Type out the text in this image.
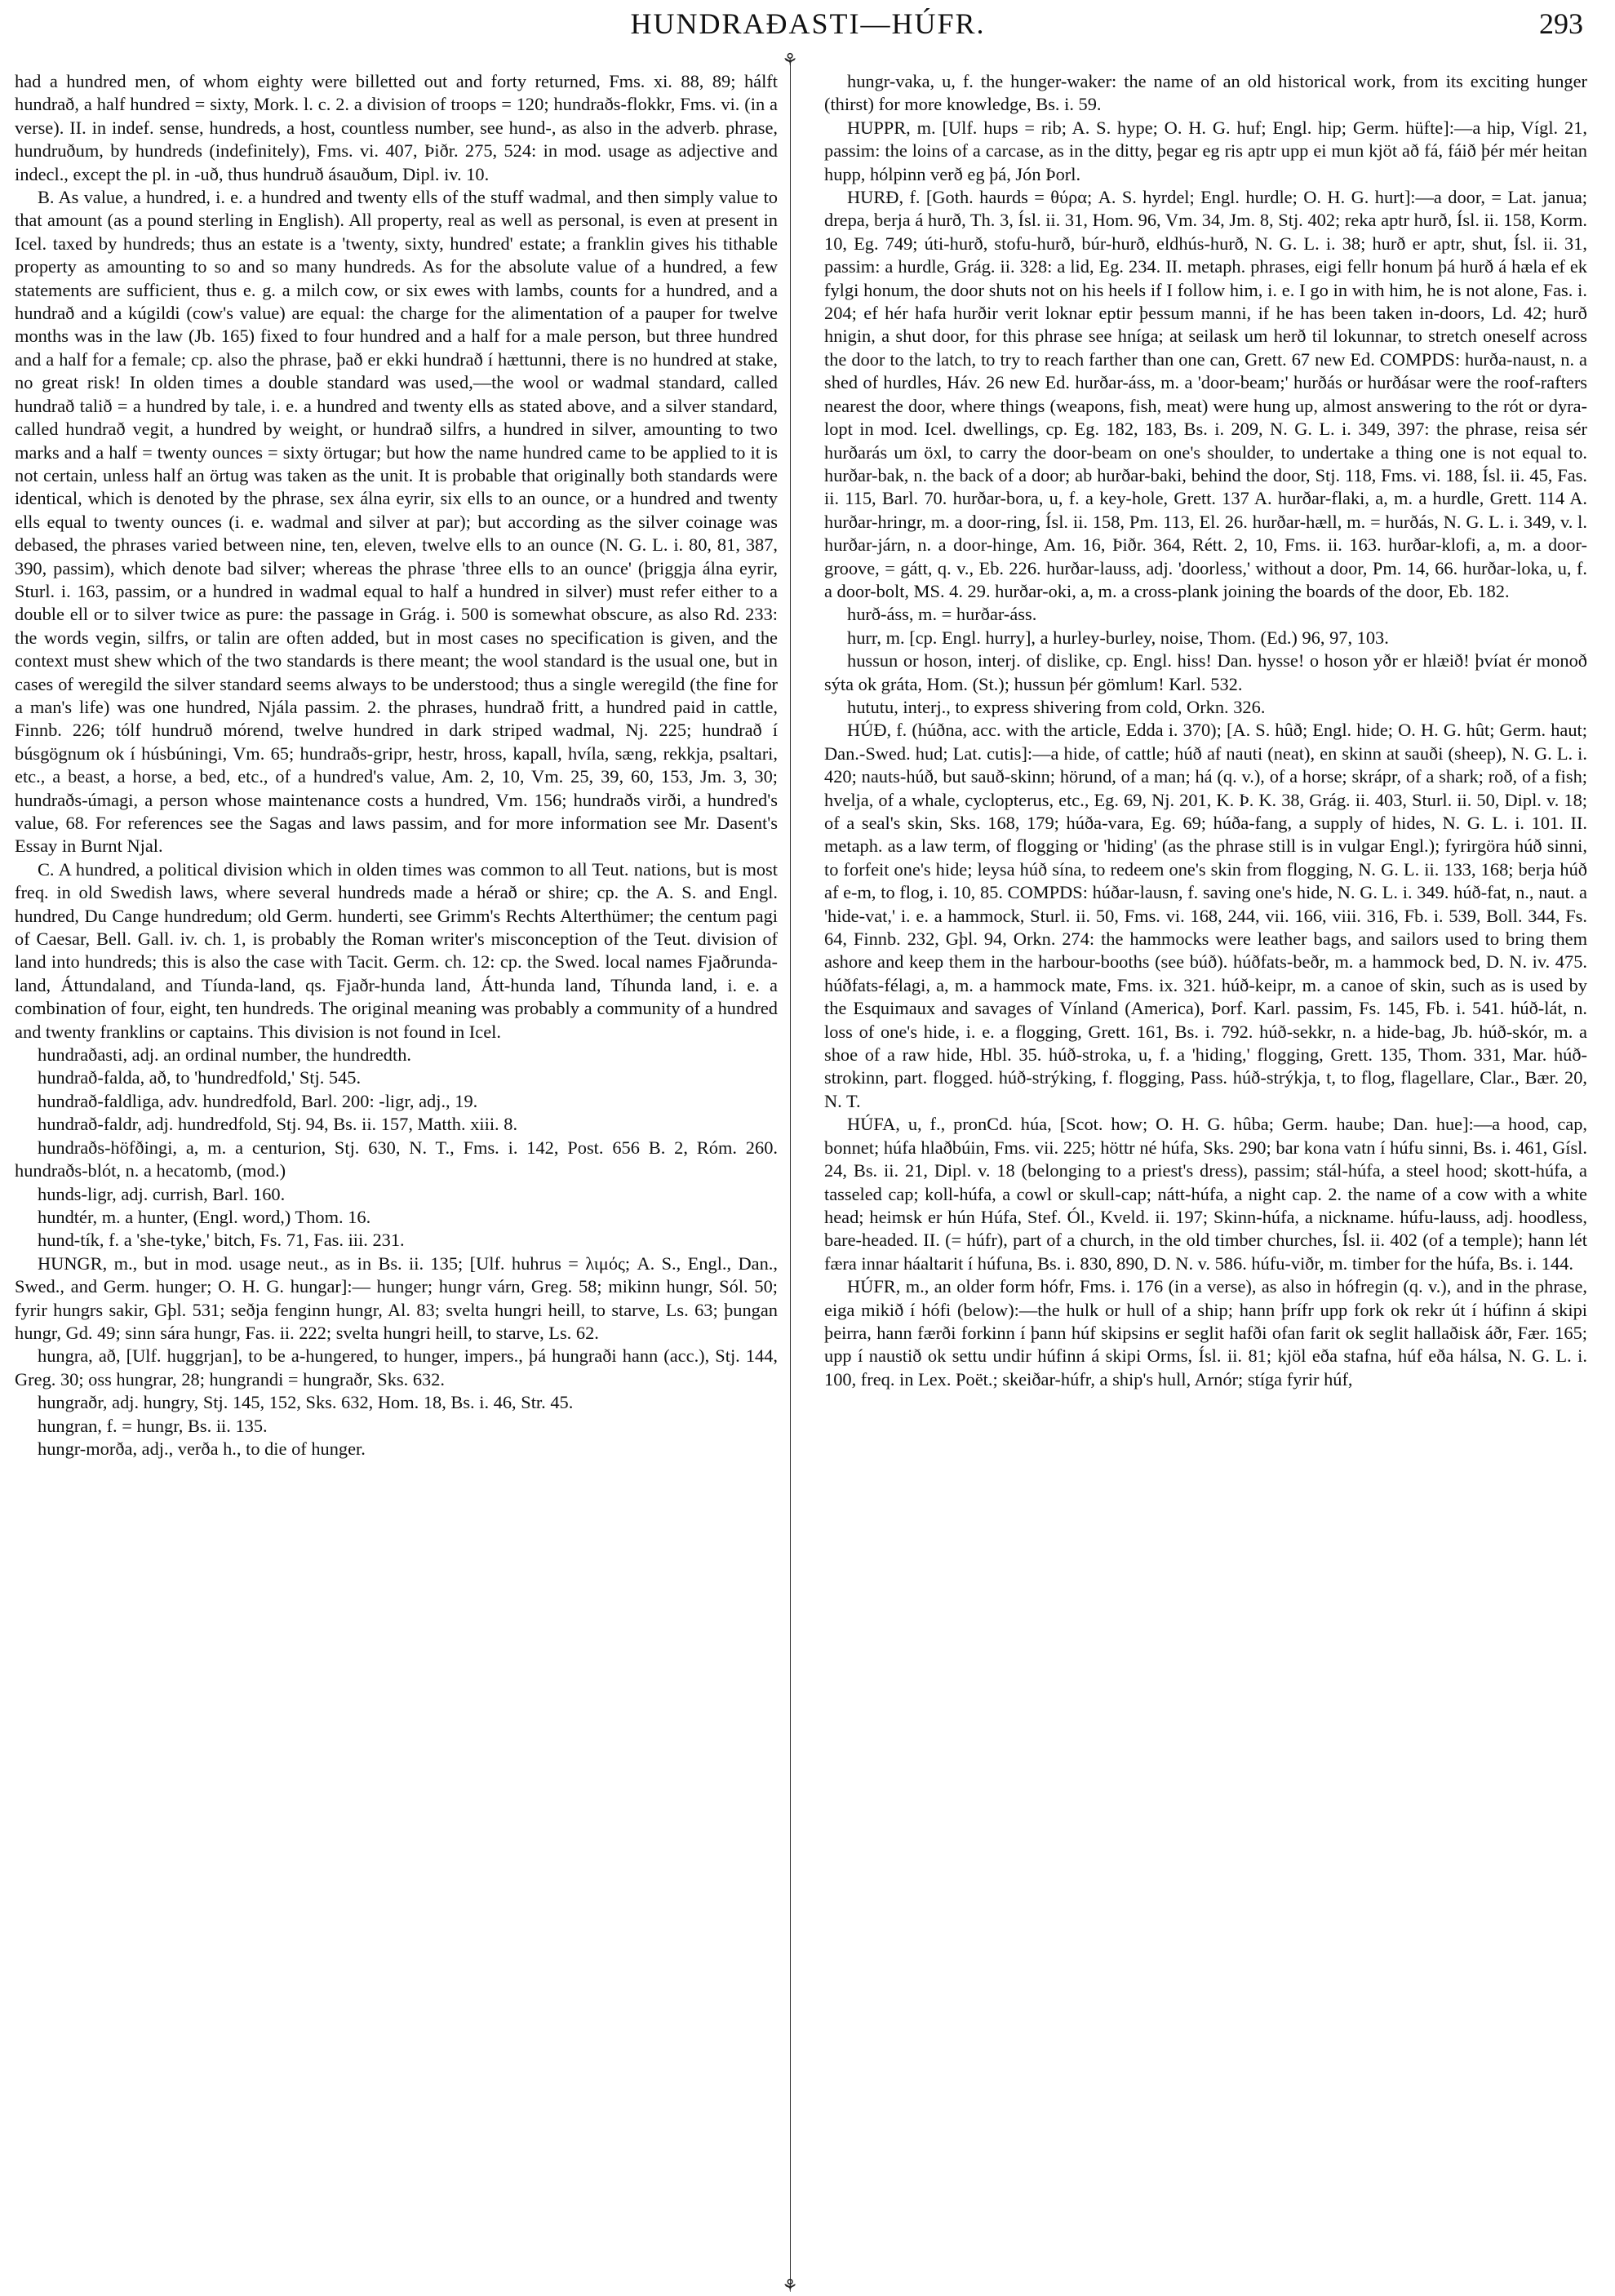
HUNDRAÐASTI—HÚFR.	293
⚘
⚘

had a hundred men, of whom eighty were billetted out and forty returned, Fms. xi. 88, 89; hálft hundrað, a half hundred = sixty, Mork. l. c. 2. a division of troops = 120; hundraðs-flokkr, Fms. vi. (in a verse). II. in indef. sense, hundreds, a host, countless number, see hund-, as also in the adverb. phrase, hundruðum, by hundreds (indefinitely), Fms. vi. 407, Þiðr. 275, 524: in mod. usage as adjective and indecl., except the pl. in -uð, thus hundruð ásauðum, Dipl. iv. 10.

B. As value, a hundred, i. e. a hundred and twenty ells of the stuff wadmal, and then simply value to that amount (as a pound sterling in English). All property, real as well as personal, is even at present in Icel. taxed by hundreds; thus an estate is a 'twenty, sixty, hundred' estate; a franklin gives his tithable property as amounting to so and so many hundreds. As for the absolute value of a hundred, a few statements are sufficient, thus e. g. a milch cow, or six ewes with lambs, counts for a hundred, and a hundrað and a kúgildi (cow's value) are equal: the charge for the alimentation of a pauper for twelve months was in the law (Jb. 165) fixed to four hundred and a half for a male person, but three hundred and a half for a female; cp. also the phrase, það er ekki hundrað í hættunni, there is no hundred at stake, no great risk! In olden times a double standard was used,—the wool or wadmal standard, called hundrað talið = a hundred by tale, i. e. a hundred and twenty ells as stated above, and a silver standard, called hundrað vegit, a hundred by weight, or hundrað silfrs, a hundred in silver, amounting to two marks and a half = twenty ounces = sixty örtugar; but how the name hundred came to be applied to it is not certain, unless half an örtug was taken as the unit. It is probable that originally both standards were identical, which is denoted by the phrase, sex álna eyrir, six ells to an ounce, or a hundred and twenty ells equal to twenty ounces (i. e. wadmal and silver at par); but according as the silver coinage was debased, the phrases varied between nine, ten, eleven, twelve ells to an ounce (N. G. L. i. 80, 81, 387, 390, passim), which denote bad silver; whereas the phrase 'three ells to an ounce' (þriggja álna eyrir, Sturl. i. 163, passim, or a hundred in wadmal equal to half a hundred in silver) must refer either to a double ell or to silver twice as pure: the passage in Grág. i. 500 is somewhat obscure, as also Rd. 233: the words vegin, silfrs, or talin are often added, but in most cases no specification is given, and the context must shew which of the two standards is there meant; the wool standard is the usual one, but in cases of weregild the silver standard seems always to be understood; thus a single weregild (the fine for a man's life) was one hundred, Njála passim. 2. the phrases, hundrað fritt, a hundred paid in cattle, Finnb. 226; tólf hundruð mórend, twelve hundred in dark striped wadmal, Nj. 225; hundrað í búsgögnum ok í húsbúningi, Vm. 65; hundraðs-gripr, hestr, hross, kapall, hvíla, sæng, rekkja, psaltari, etc., a beast, a horse, a bed, etc., of a hundred's value, Am. 2, 10, Vm. 25, 39, 60, 153, Jm. 3, 30; hundraðs-úmagi, a person whose maintenance costs a hundred, Vm. 156; hundraðs virði, a hundred's value, 68. For references see the Sagas and laws passim, and for more information see Mr. Dasent's Essay in Burnt Njal.

C. A hundred, a political division which in olden times was common to all Teut. nations, but is most freq. in old Swedish laws, where several hundreds made a hérað or shire; cp. the A. S. and Engl. hundred, Du Cange hundredum; old Germ. hunderti, see Grimm's Rechts Alterthümer; the centum pagi of Caesar, Bell. Gall. iv. ch. 1, is probably the Roman writer's misconception of the Teut. division of land into hundreds; this is also the case with Tacit. Germ. ch. 12: cp. the Swed. local names Fjaðrunda-land, Áttundaland, and Tíunda-land, qs. Fjaðr-hunda land, Átt-hunda land, Tíhunda land, i. e. a combination of four, eight, ten hundreds. The original meaning was probably a community of a hundred and twenty franklins or captains. This division is not found in Icel.

hundraðasti, adj. an ordinal number, the hundredth.

hundrað-falda, að, to 'hundredfold,' Stj. 545.

hundrað-faldliga, adv. hundredfold, Barl. 200: -ligr, adj., 19.

hundrað-faldr, adj. hundredfold, Stj. 94, Bs. ii. 157, Matth. xiii. 8.

hundraðs-höfðingi, a, m. a centurion, Stj. 630, N. T., Fms. i. 142, Post. 656 B. 2, Róm. 260. hundraðs-blót, n. a hecatomb, (mod.)

hunds-ligr, adj. currish, Barl. 160.

hundtér, m. a hunter, (Engl. word,) Thom. 16.

hund-tík, f. a 'she-tyke,' bitch, Fs. 71, Fas. iii. 231.

HUNGR, m., but in mod. usage neut., as in Bs. ii. 135; [Ulf. huhrus = λιμός; A. S., Engl., Dan., Swed., and Germ. hunger; O. H. G. hungar]:— hunger; hungr várn, Greg. 58; mikinn hungr, Sól. 50; fyrir hungrs sakir, Gþl. 531; seðja fenginn hungr, Al. 83; svelta hungri heill, to starve, Ls. 63; þungan hungr, Gd. 49; sinn sára hungr, Fas. ii. 222; svelta hungri heill, to starve, Ls. 62.

hungra, að, [Ulf. huggrjan], to be a-hungered, to hunger, impers., þá hungraði hann (acc.), Stj. 144, Greg. 30; oss hungrar, 28; hungrandi = hungraðr, Sks. 632.

hungraðr, adj. hungry, Stj. 145, 152, Sks. 632, Hom. 18, Bs. i. 46, Str. 45.

hungran, f. = hungr, Bs. ii. 135.

hungr-morða, adj., verða h., to die of hunger.

hungr-vaka, u, f. the hunger-waker: the name of an old historical work, from its exciting hunger (thirst) for more knowledge, Bs. i. 59.

HUPPR, m. [Ulf. hups = rib; A. S. hype; O. H. G. huf; Engl. hip; Germ. hüfte]:—a hip, Vígl. 21, passim: the loins of a carcase, as in the ditty, þegar eg ris aptr upp ei mun kjöt að fá, fáið þér mér heitan hupp, hólpinn verð eg þá, Jón Þorl.

HURÐ, f. [Goth. haurds = θύρα; A. S. hyrdel; Engl. hurdle; O. H. G. hurt]:—a door, = Lat. janua; drepa, berja á hurð, Th. 3, Ísl. ii. 31, Hom. 96, Vm. 34, Jm. 8, Stj. 402; reka aptr hurð, Ísl. ii. 158, Korm. 10, Eg. 749; úti-hurð, stofu-hurð, búr-hurð, eldhús-hurð, N. G. L. i. 38; hurð er aptr, shut, Ísl. ii. 31, passim: a hurdle, Grág. ii. 328: a lid, Eg. 234. II. metaph. phrases, eigi fellr honum þá hurð á hæla ef ek fylgi honum, the door shuts not on his heels if I follow him, i. e. I go in with him, he is not alone, Fas. i. 204; ef hér hafa hurðir verit loknar eptir þessum manni, if he has been taken in-doors, Ld. 42; hurð hnigin, a shut door, for this phrase see hníga; at seilask um herð til lokunnar, to stretch oneself across the door to the latch, to try to reach farther than one can, Grett. 67 new Ed. COMPDS: hurða-naust, n. a shed of hurdles, Háv. 26 new Ed. hurðar-áss, m. a 'door-beam;' hurðás or hurðásar were the roof-rafters nearest the door, where things (weapons, fish, meat) were hung up, almost answering to the rót or dyra-lopt in mod. Icel. dwellings, cp. Eg. 182, 183, Bs. i. 209, N. G. L. i. 349, 397: the phrase, reisa sér hurðarás um öxl, to carry the door-beam on one's shoulder, to undertake a thing one is not equal to. hurðar-bak, n. the back of a door; ab hurðar-baki, behind the door, Stj. 118, Fms. vi. 188, Ísl. ii. 45, Fas. ii. 115, Barl. 70. hurðar-bora, u, f. a key-hole, Grett. 137 A. hurðar-flaki, a, m. a hurdle, Grett. 114 A. hurðar-hringr, m. a door-ring, Ísl. ii. 158, Pm. 113, El. 26. hurðar-hæll, m. = hurðás, N. G. L. i. 349, v. l. hurðar-járn, n. a door-hinge, Am. 16, Þiðr. 364, Rétt. 2, 10, Fms. ii. 163. hurðar-klofi, a, m. a door-groove, = gátt, q. v., Eb. 226. hurðar-lauss, adj. 'doorless,' without a door, Pm. 14, 66. hurðar-loka, u, f. a door-bolt, MS. 4. 29. hurðar-oki, a, m. a cross-plank joining the boards of the door, Eb. 182.

hurð-áss, m. = hurðar-áss.

hurr, m. [cp. Engl. hurry], a hurley-burley, noise, Thom. (Ed.) 96, 97, 103.

hussun or hoson, interj. of dislike, cp. Engl. hiss! Dan. hysse! o hoson yðr er hlæið! þvíat ér monoð sýta ok gráta, Hom. (St.); hussun þér gömlum! Karl. 532.

hututu, interj., to express shivering from cold, Orkn. 326.

HÚÐ, f. (húðna, acc. with the article, Edda i. 370); [A. S. hûð; Engl. hide; O. H. G. hût; Germ. haut; Dan.-Swed. hud; Lat. cutis]:—a hide, of cattle; húð af nauti (neat), en skinn at sauði (sheep), N. G. L. i. 420; nauts-húð, but sauð-skinn; hörund, of a man; há (q. v.), of a horse; skrápr, of a shark; roð, of a fish; hvelja, of a whale, cyclopterus, etc., Eg. 69, Nj. 201, K. Þ. K. 38, Grág. ii. 403, Sturl. ii. 50, Dipl. v. 18; of a seal's skin, Sks. 168, 179; húða-vara, Eg. 69; húða-fang, a supply of hides, N. G. L. i. 101. II. metaph. as a law term, of flogging or 'hiding' (as the phrase still is in vulgar Engl.); fyrirgöra húð sinni, to forfeit one's hide; leysa húð sína, to redeem one's skin from flogging, N. G. L. ii. 133, 168; berja húð af e-m, to flog, i. 10, 85. COMPDS: húðar-lausn, f. saving one's hide, N. G. L. i. 349. húð-fat, n., naut. a 'hide-vat,' i. e. a hammock, Sturl. ii. 50, Fms. vi. 168, 244, vii. 166, viii. 316, Fb. i. 539, Boll. 344, Fs. 64, Finnb. 232, Gþl. 94, Orkn. 274: the hammocks were leather bags, and sailors used to bring them ashore and keep them in the harbour-booths (see búð). húðfats-beðr, m. a hammock bed, D. N. iv. 475. húðfats-félagi, a, m. a hammock mate, Fms. ix. 321. húð-keipr, m. a canoe of skin, such as is used by the Esquimaux and savages of Vínland (America), Þorf. Karl. passim, Fs. 145, Fb. i. 541. húð-lát, n. loss of one's hide, i. e. a flogging, Grett. 161, Bs. i. 792. húð-sekkr, n. a hide-bag, Jb. húð-skór, m. a shoe of a raw hide, Hbl. 35. húð-stroka, u, f. a 'hiding,' flogging, Grett. 135, Thom. 331, Mar. húð-strokinn, part. flogged. húð-strýking, f. flogging, Pass. húð-strýkja, t, to flog, flagellare, Clar., Bær. 20, N. T.

HÚFA, u, f., pronCd. húa, [Scot. how; O. H. G. hûba; Germ. haube; Dan. hue]:—a hood, cap, bonnet; húfa hlaðbúin, Fms. vii. 225; höttr né húfa, Sks. 290; bar kona vatn í húfu sinni, Bs. i. 461, Gísl. 24, Bs. ii. 21, Dipl. v. 18 (belonging to a priest's dress), passim; stál-húfa, a steel hood; skott-húfa, a tasseled cap; koll-húfa, a cowl or skull-cap; nátt-húfa, a night cap. 2. the name of a cow with a white head; heimsk er hún Húfa, Stef. Ól., Kveld. ii. 197; Skinn-húfa, a nickname. húfu-lauss, adj. hoodless, bare-headed. II. (= húfr), part of a church, in the old timber churches, Ísl. ii. 402 (of a temple); hann lét færa innar háaltarit í húfuna, Bs. i. 830, 890, D. N. v. 586. húfu-viðr, m. timber for the húfa, Bs. i. 144.

HÚFR, m., an older form hófr, Fms. i. 176 (in a verse), as also in hófregin (q. v.), and in the phrase, eiga mikið í hófi (below):—the hulk or hull of a ship; hann þrífr upp fork ok rekr út í húfinn á skipi þeirra, hann færði forkinn í þann húf skipsins er seglit hafði ofan farit ok seglit hallaðisk áðr, Fær. 165; upp í naustið ok settu undir húfinn á skipi Orms, Ísl. ii. 81; kjöl eða stafna, húf eða hálsa, N. G. L. i. 100, freq. in Lex. Poët.; skeiðar-húfr, a ship's hull, Arnór; stíga fyrir húf,
